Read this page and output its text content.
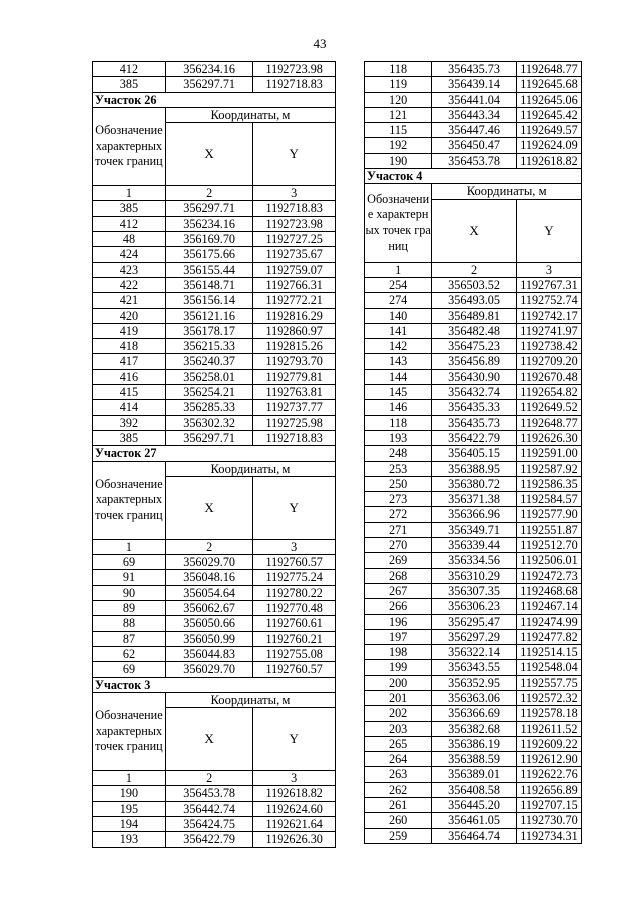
43
412	356234.16	1192723.98
385	356297.71	1192718.83
Участок 26		
Обозначение характерных точек границ	Координаты, м	
	X	Y
1	2	3
385	356297.71	1192718.83
412	356234.16	1192723.98
48	356169.70	1192727.25
424	356175.66	1192735.67
423	356155.44	1192759.07
422	356148.71	1192766.31
421	356156.14	1192772.21
420	356121.16	1192816.29
419	356178.17	1192860.97
418	356215.33	1192815.26
417	356240.37	1192793.70
416	356258.01	1192779.81
415	356254.21	1192763.81
414	356285.33	1192737.77
392	356302.32	1192725.98
385	356297.71	1192718.83
Участок 27		
Обозначение характерных точек границ	Координаты, м	
	X	Y
1	2	3
69	356029.70	1192760.57
91	356048.16	1192775.24
90	356054.64	1192780.22
89	356062.67	1192770.48
88	356050.66	1192760.61
87	356050.99	1192760.21
62	356044.83	1192755.08
69	356029.70	1192760.57
Участок 3		
Обозначение характерных точек границ	Координаты, м	
	X	Y
1	2	3
190	356453.78	1192618.82
195	356442.74	1192624.60
194	356424.75	1192621.64
193	356422.79	1192626.30
118	356435.73	1192648.77
119	356439.14	1192645.68
120	356441.04	1192645.06
121	356443.34	1192645.42
115	356447.46	1192649.57
192	356450.47	1192624.09
190	356453.78	1192618.82
Участок 4		
Обозначение характерных точек границ	Координаты, м	
	X	Y
1	2	3
254	356503.52	1192767.31
274	356493.05	1192752.74
140	356489.81	1192742.17
141	356482.48	1192741.97
142	356475.23	1192738.42
143	356456.89	1192709.20
144	356430.90	1192670.48
145	356432.74	1192654.82
146	356435.33	1192649.52
118	356435.73	1192648.77
193	356422.79	1192626.30
248	356405.15	1192591.00
253	356388.95	1192587.92
250	356380.72	1192586.35
273	356371.38	1192584.57
272	356366.96	1192577.90
271	356349.71	1192551.87
270	356339.44	1192512.70
269	356334.56	1192506.01
268	356310.29	1192472.73
267	356307.35	1192468.68
266	356306.23	1192467.14
196	356295.47	1192474.99
197	356297.29	1192477.82
198	356322.14	1192514.15
199	356343.55	1192548.04
200	356352.95	1192557.75
201	356363.06	1192572.32
202	356366.69	1192578.18
203	356382.68	1192611.52
265	356386.19	1192609.22
264	356388.59	1192612.90
263	356389.01	1192622.76
262	356408.58	1192656.89
261	356445.20	1192707.15
260	356461.05	1192730.70
259	356464.74	1192734.31
